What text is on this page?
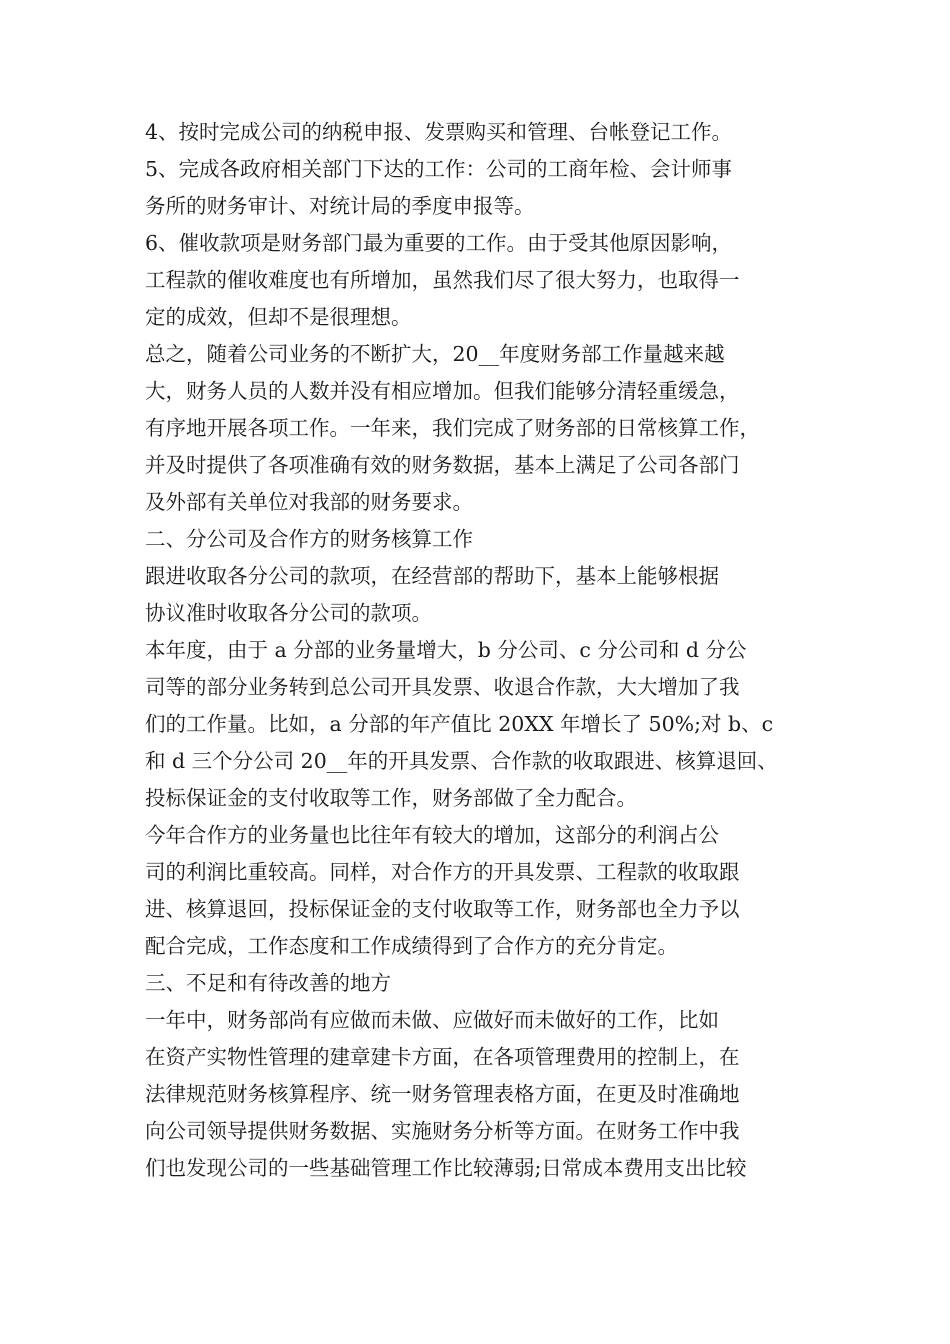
4、按时完成公司的纳税申报、发票购买和管理、台帐登记工作。
5、完成各政府相关部门下达的工作：公司的工商年检、会计师事
务所的财务审计、对统计局的季度申报等。
6、催收款项是财务部门最为重要的工作。由于受其他原因影响，
工程款的催收难度也有所增加，虽然我们尽了很大努力，也取得一
定的成效，但却不是很理想。
总之，随着公司业务的不断扩大，20__年度财务部工作量越来越
大，财务人员的人数并没有相应增加。但我们能够分清轻重缓急，
有序地开展各项工作。一年来，我们完成了财务部的日常核算工作，
并及时提供了各项准确有效的财务数据，基本上满足了公司各部门
及外部有关单位对我部的财务要求。
二、分公司及合作方的财务核算工作
跟进收取各分公司的款项，在经营部的帮助下，基本上能够根据
协议准时收取各分公司的款项。
本年度，由于 a 分部的业务量增大，b 分公司、c 分公司和 d 分公
司等的部分业务转到总公司开具发票、收退合作款，大大增加了我
们的工作量。比如，a 分部的年产值比 20XX 年增长了 50%;对 b、c
和 d 三个分公司 20__年的开具发票、合作款的收取跟进、核算退回、
投标保证金的支付收取等工作，财务部做了全力配合。
今年合作方的业务量也比往年有较大的增加，这部分的利润占公
司的利润比重较高。同样，对合作方的开具发票、工程款的收取跟
进、核算退回，投标保证金的支付收取等工作，财务部也全力予以
配合完成，工作态度和工作成绩得到了合作方的充分肯定。
三、不足和有待改善的地方
一年中，财务部尚有应做而未做、应做好而未做好的工作，比如
在资产实物性管理的建章建卡方面，在各项管理费用的控制上，在
法律规范财务核算程序、统一财务管理表格方面，在更及时准确地
向公司领导提供财务数据、实施财务分析等方面。在财务工作中我
们也发现公司的一些基础管理工作比较薄弱;日常成本费用支出比较
